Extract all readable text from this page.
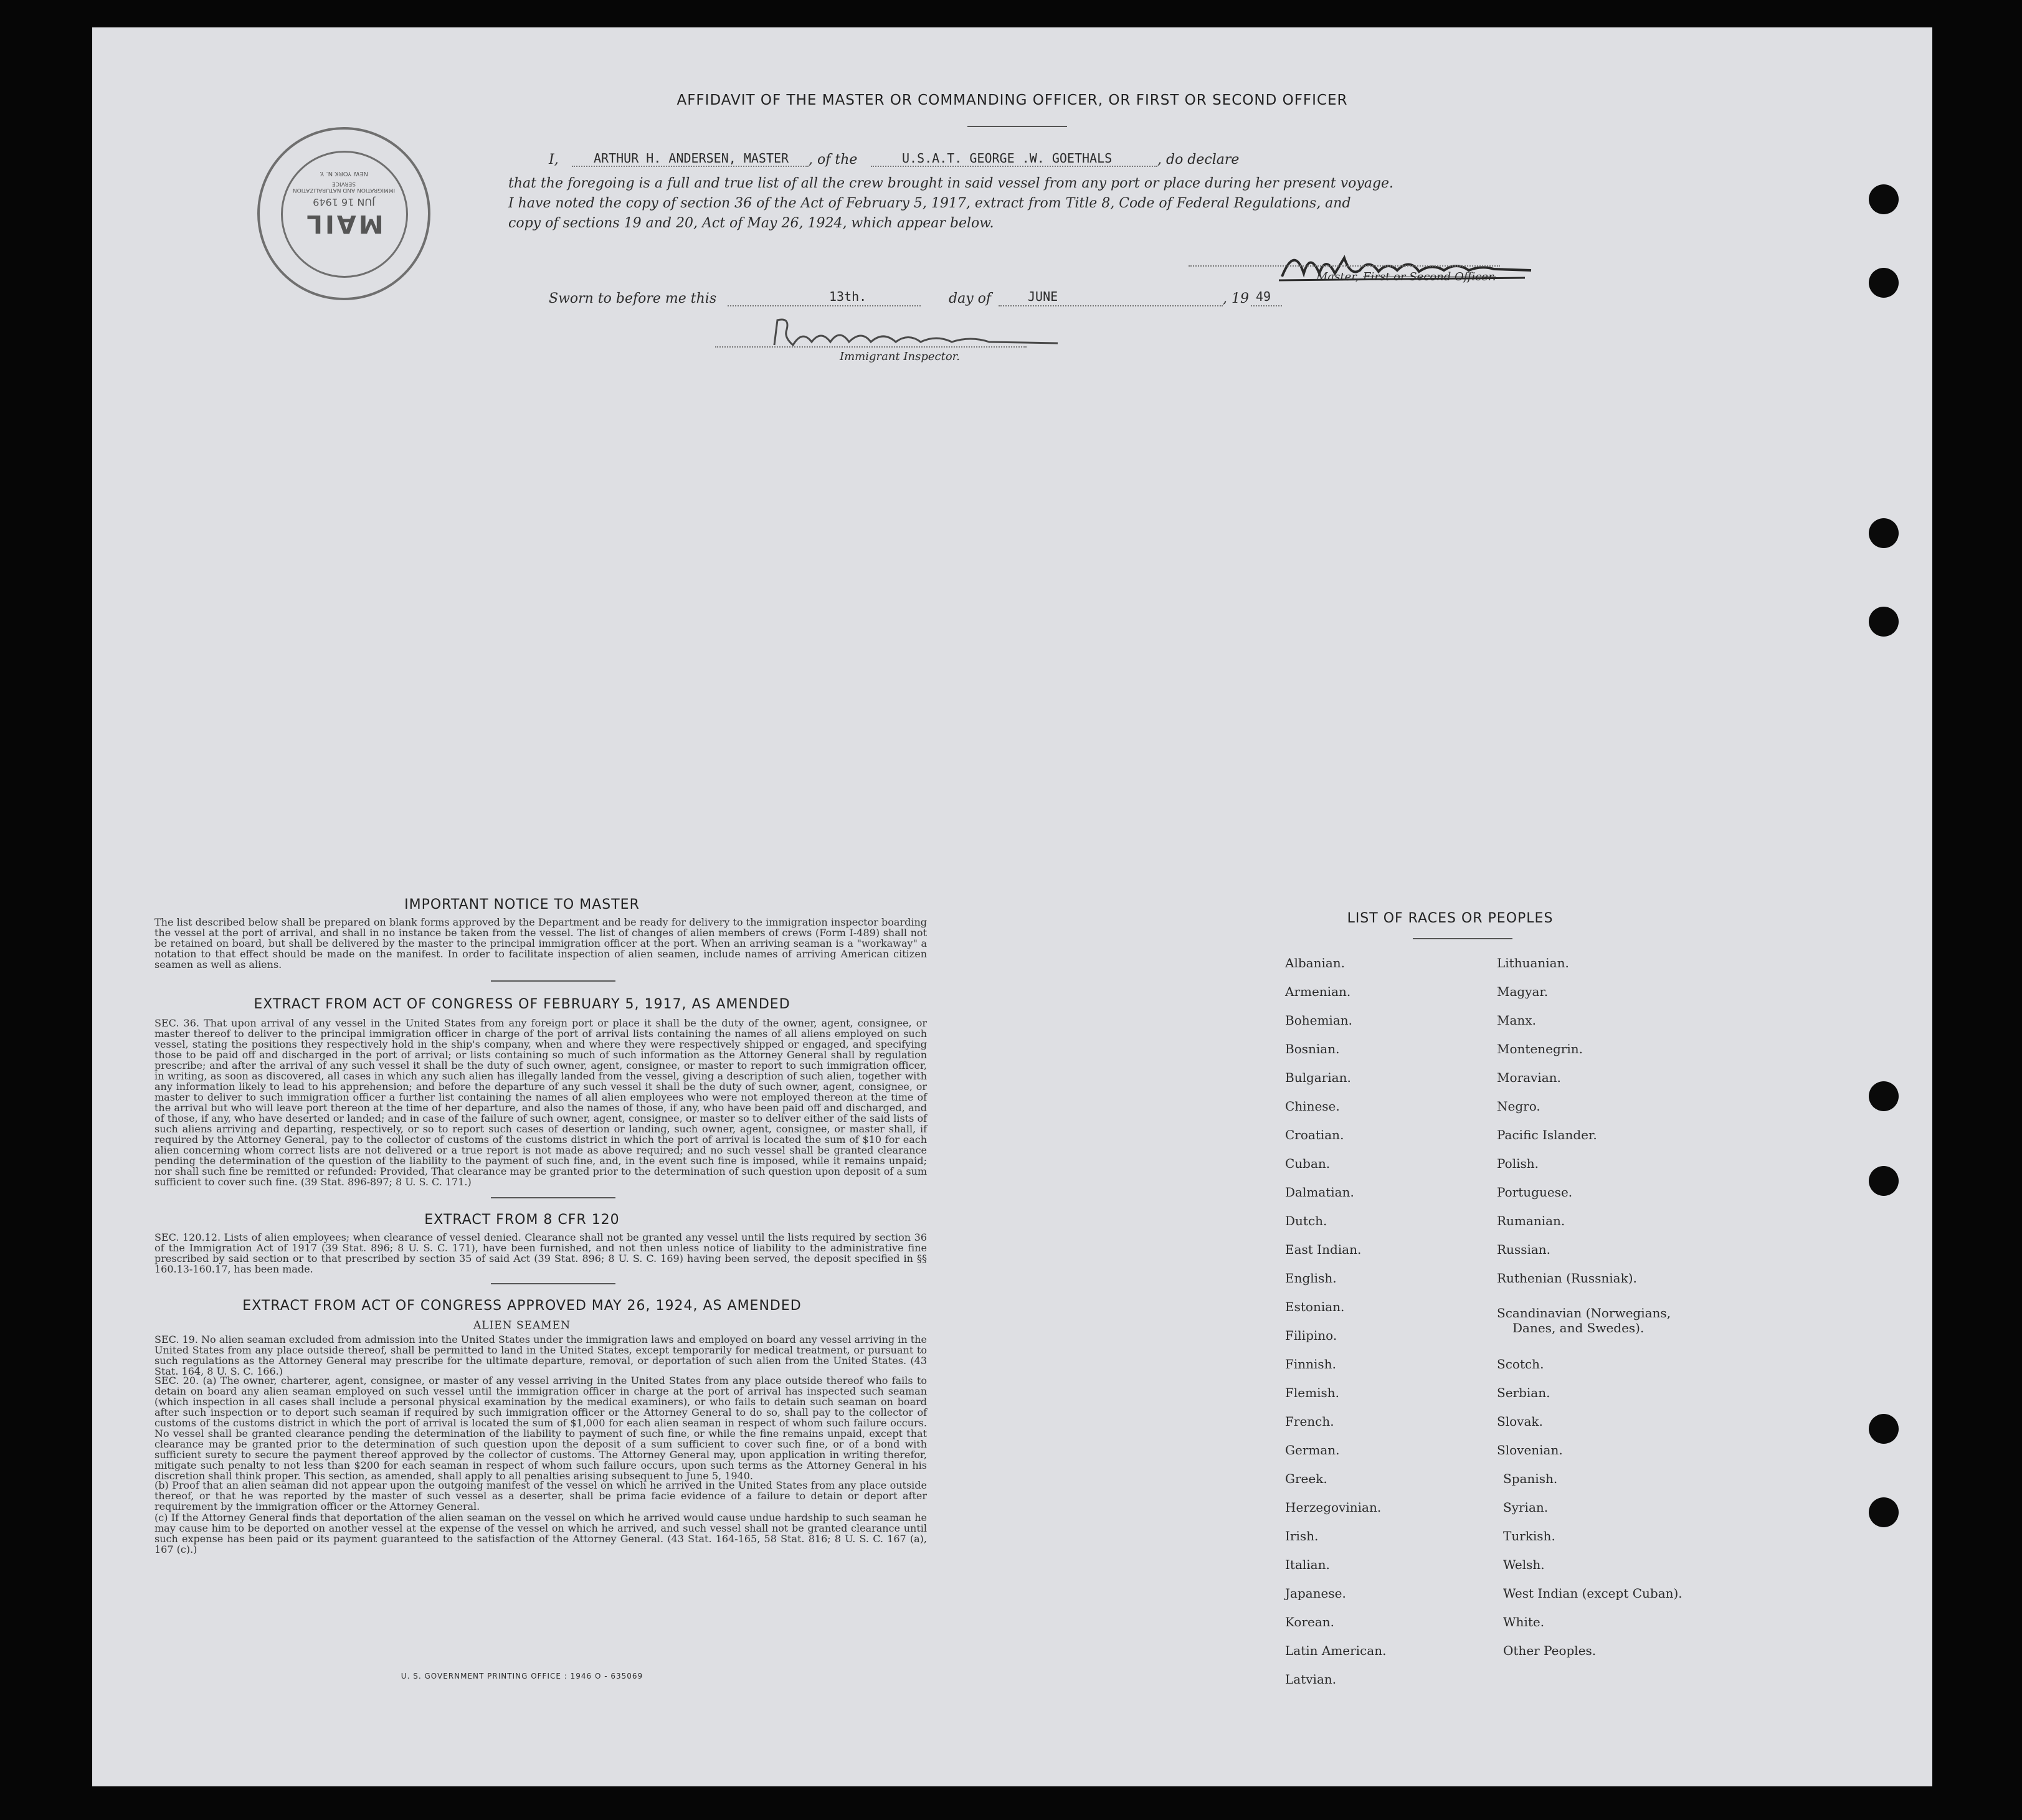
AFFIDAVIT OF THE MASTER OR COMMANDING OFFICER, OR FIRST OR SECOND OFFICER
MAIL
JUN 16 1949
IMMIGRATION AND NATURALIZATION SERVICE
NEW YORK N. Y.
I,	ARTHUR H. ANDERSEN, MASTER , of the	U.S.A.T. GEORGE .W. GOETHALS	, do declare
that the foregoing is a full and true list of all the crew brought in said vessel from any port or place during her present voyage.
I have noted the copy of section 36 of the Act of February 5, 1917, extract from Title 8, Code of Federal Regulations, and
copy of sections 19 and 20, Act of May 26, 1924, which appear below.
Master, First or Second Officer.
Sworn to before me this	13th.	day of	JUNE	, 19 49
Immigrant Inspector.
IMPORTANT NOTICE TO MASTER
The list described below shall be prepared on blank forms approved by the Department and be ready for delivery to the immigration inspector boarding the vessel at the port of arrival, and shall in no instance be taken from the vessel. The list of changes of alien members of crews (Form I-489) shall not be retained on board, but shall be delivered by the master to the principal immigration officer at the port. When an arriving seaman is a "workaway" a notation to that effect should be made on the manifest. In order to facilitate inspection of alien seamen, include names of arriving American citizen seamen as well as aliens.
EXTRACT FROM ACT OF CONGRESS OF FEBRUARY 5, 1917, AS AMENDED
SEC. 36. That upon arrival of any vessel in the United States from any foreign port or place it shall be the duty of the owner, agent, consignee, or master thereof to deliver to the principal immigration officer in charge of the port of arrival lists containing the names of all aliens employed on such vessel, stating the positions they respectively hold in the ship's company, when and where they were respectively shipped or engaged, and specifying those to be paid off and discharged in the port of arrival; or lists containing so much of such information as the Attorney General shall by regulation prescribe; and after the arrival of any such vessel it shall be the duty of such owner, agent, consignee, or master to report to such immigration officer, in writing, as soon as discovered, all cases in which any such alien has illegally landed from the vessel, giving a description of such alien, together with any information likely to lead to his apprehension; and before the departure of any such vessel it shall be the duty of such owner, agent, consignee, or master to deliver to such immigration officer a further list containing the names of all alien employees who were not employed thereon at the time of the arrival but who will leave port thereon at the time of her departure, and also the names of those, if any, who have been paid off and discharged, and of those, if any, who have deserted or landed; and in case of the failure of such owner, agent, consignee, or master so to deliver either of the said lists of such aliens arriving and departing, respectively, or so to report such cases of desertion or landing, such owner, agent, consignee, or master shall, if required by the Attorney General, pay to the collector of customs of the customs district in which the port of arrival is located the sum of $10 for each alien concerning whom correct lists are not delivered or a true report is not made as above required; and no such vessel shall be granted clearance pending the determination of the question of the liability to the payment of such fine, and, in the event such fine is imposed, while it remains unpaid; nor shall such fine be remitted or refunded: Provided, That clearance may be granted prior to the determination of such question upon deposit of a sum sufficient to cover such fine. (39 Stat. 896-897; 8 U. S. C. 171.)
EXTRACT FROM 8 CFR 120
SEC. 120.12. Lists of alien employees; when clearance of vessel denied. Clearance shall not be granted any vessel until the lists required by section 36 of the Immigration Act of 1917 (39 Stat. 896; 8 U. S. C. 171), have been furnished, and not then unless notice of liability to the administrative fine prescribed by said section or to that prescribed by section 35 of said Act (39 Stat. 896; 8 U. S. C. 169) having been served, the deposit specified in §§ 160.13-160.17, has been made.
EXTRACT FROM ACT OF CONGRESS APPROVED MAY 26, 1924, AS AMENDED
ALIEN SEAMEN
SEC. 19. No alien seaman excluded from admission into the United States under the immigration laws and employed on board any vessel arriving in the United States from any place outside thereof, shall be permitted to land in the United States, except temporarily for medical treatment, or pursuant to such regulations as the Attorney General may prescribe for the ultimate departure, removal, or deportation of such alien from the United States. (43 Stat. 164, 8 U. S. C. 166.)
SEC. 20. (a) The owner, charterer, agent, consignee, or master of any vessel arriving in the United States from any place outside thereof who fails to detain on board any alien seaman employed on such vessel until the immigration officer in charge at the port of arrival has inspected such seaman (which inspection in all cases shall include a personal physical examination by the medical examiners), or who fails to detain such seaman on board after such inspection or to deport such seaman if required by such immigration officer or the Attorney General to do so, shall pay to the collector of customs of the customs district in which the port of arrival is located the sum of $1,000 for each alien seaman in respect of whom such failure occurs. No vessel shall be granted clearance pending the determination of the liability to payment of such fine, or while the fine remains unpaid, except that clearance may be granted prior to the determination of such question upon the deposit of a sum sufficient to cover such fine, or of a bond with sufficient surety to secure the payment thereof approved by the collector of customs. The Attorney General may, upon application in writing therefor, mitigate such penalty to not less than $200 for each seaman in respect of whom such failure occurs, upon such terms as the Attorney General in his discretion shall think proper. This section, as amended, shall apply to all penalties arising subsequent to June 5, 1940.
(b) Proof that an alien seaman did not appear upon the outgoing manifest of the vessel on which he arrived in the United States from any place outside thereof, or that he was reported by the master of such vessel as a deserter, shall be prima facie evidence of a failure to detain or deport after requirement by the immigration officer or the Attorney General.
(c) If the Attorney General finds that deportation of the alien seaman on the vessel on which he arrived would cause undue hardship to such seaman he may cause him to be deported on another vessel at the expense of the vessel on which he arrived, and such vessel shall not be granted clearance until such expense has been paid or its payment guaranteed to the satisfaction of the Attorney General. (43 Stat. 164-165, 58 Stat. 816; 8 U. S. C. 167 (a), 167 (c).)
U. S. GOVERNMENT PRINTING OFFICE : 1946 O - 635069
LIST OF RACES OR PEOPLES
Albanian.
Armenian.
Bohemian.
Bosnian.
Bulgarian.
Chinese.
Croatian.
Cuban.
Dalmatian.
Dutch.
East Indian.
English.
Estonian.
Filipino.
Finnish.
Flemish.
French.
German.
Greek.
Herzegovinian.
Irish.
Italian.
Japanese.
Korean.
Latin American.
Latvian.
Lithuanian.
Magyar.
Manx.
Montenegrin.
Moravian.
Negro.
Pacific Islander.
Polish.
Portuguese.
Rumanian.
Russian.
Ruthenian (Russniak).
Scandinavian (Norwegians,
Danes, and Swedes).
Scotch.
Serbian.
Slovak.
Slovenian.
Spanish.
Syrian.
Turkish.
Welsh.
West Indian (except Cuban).
White.
Other Peoples.
